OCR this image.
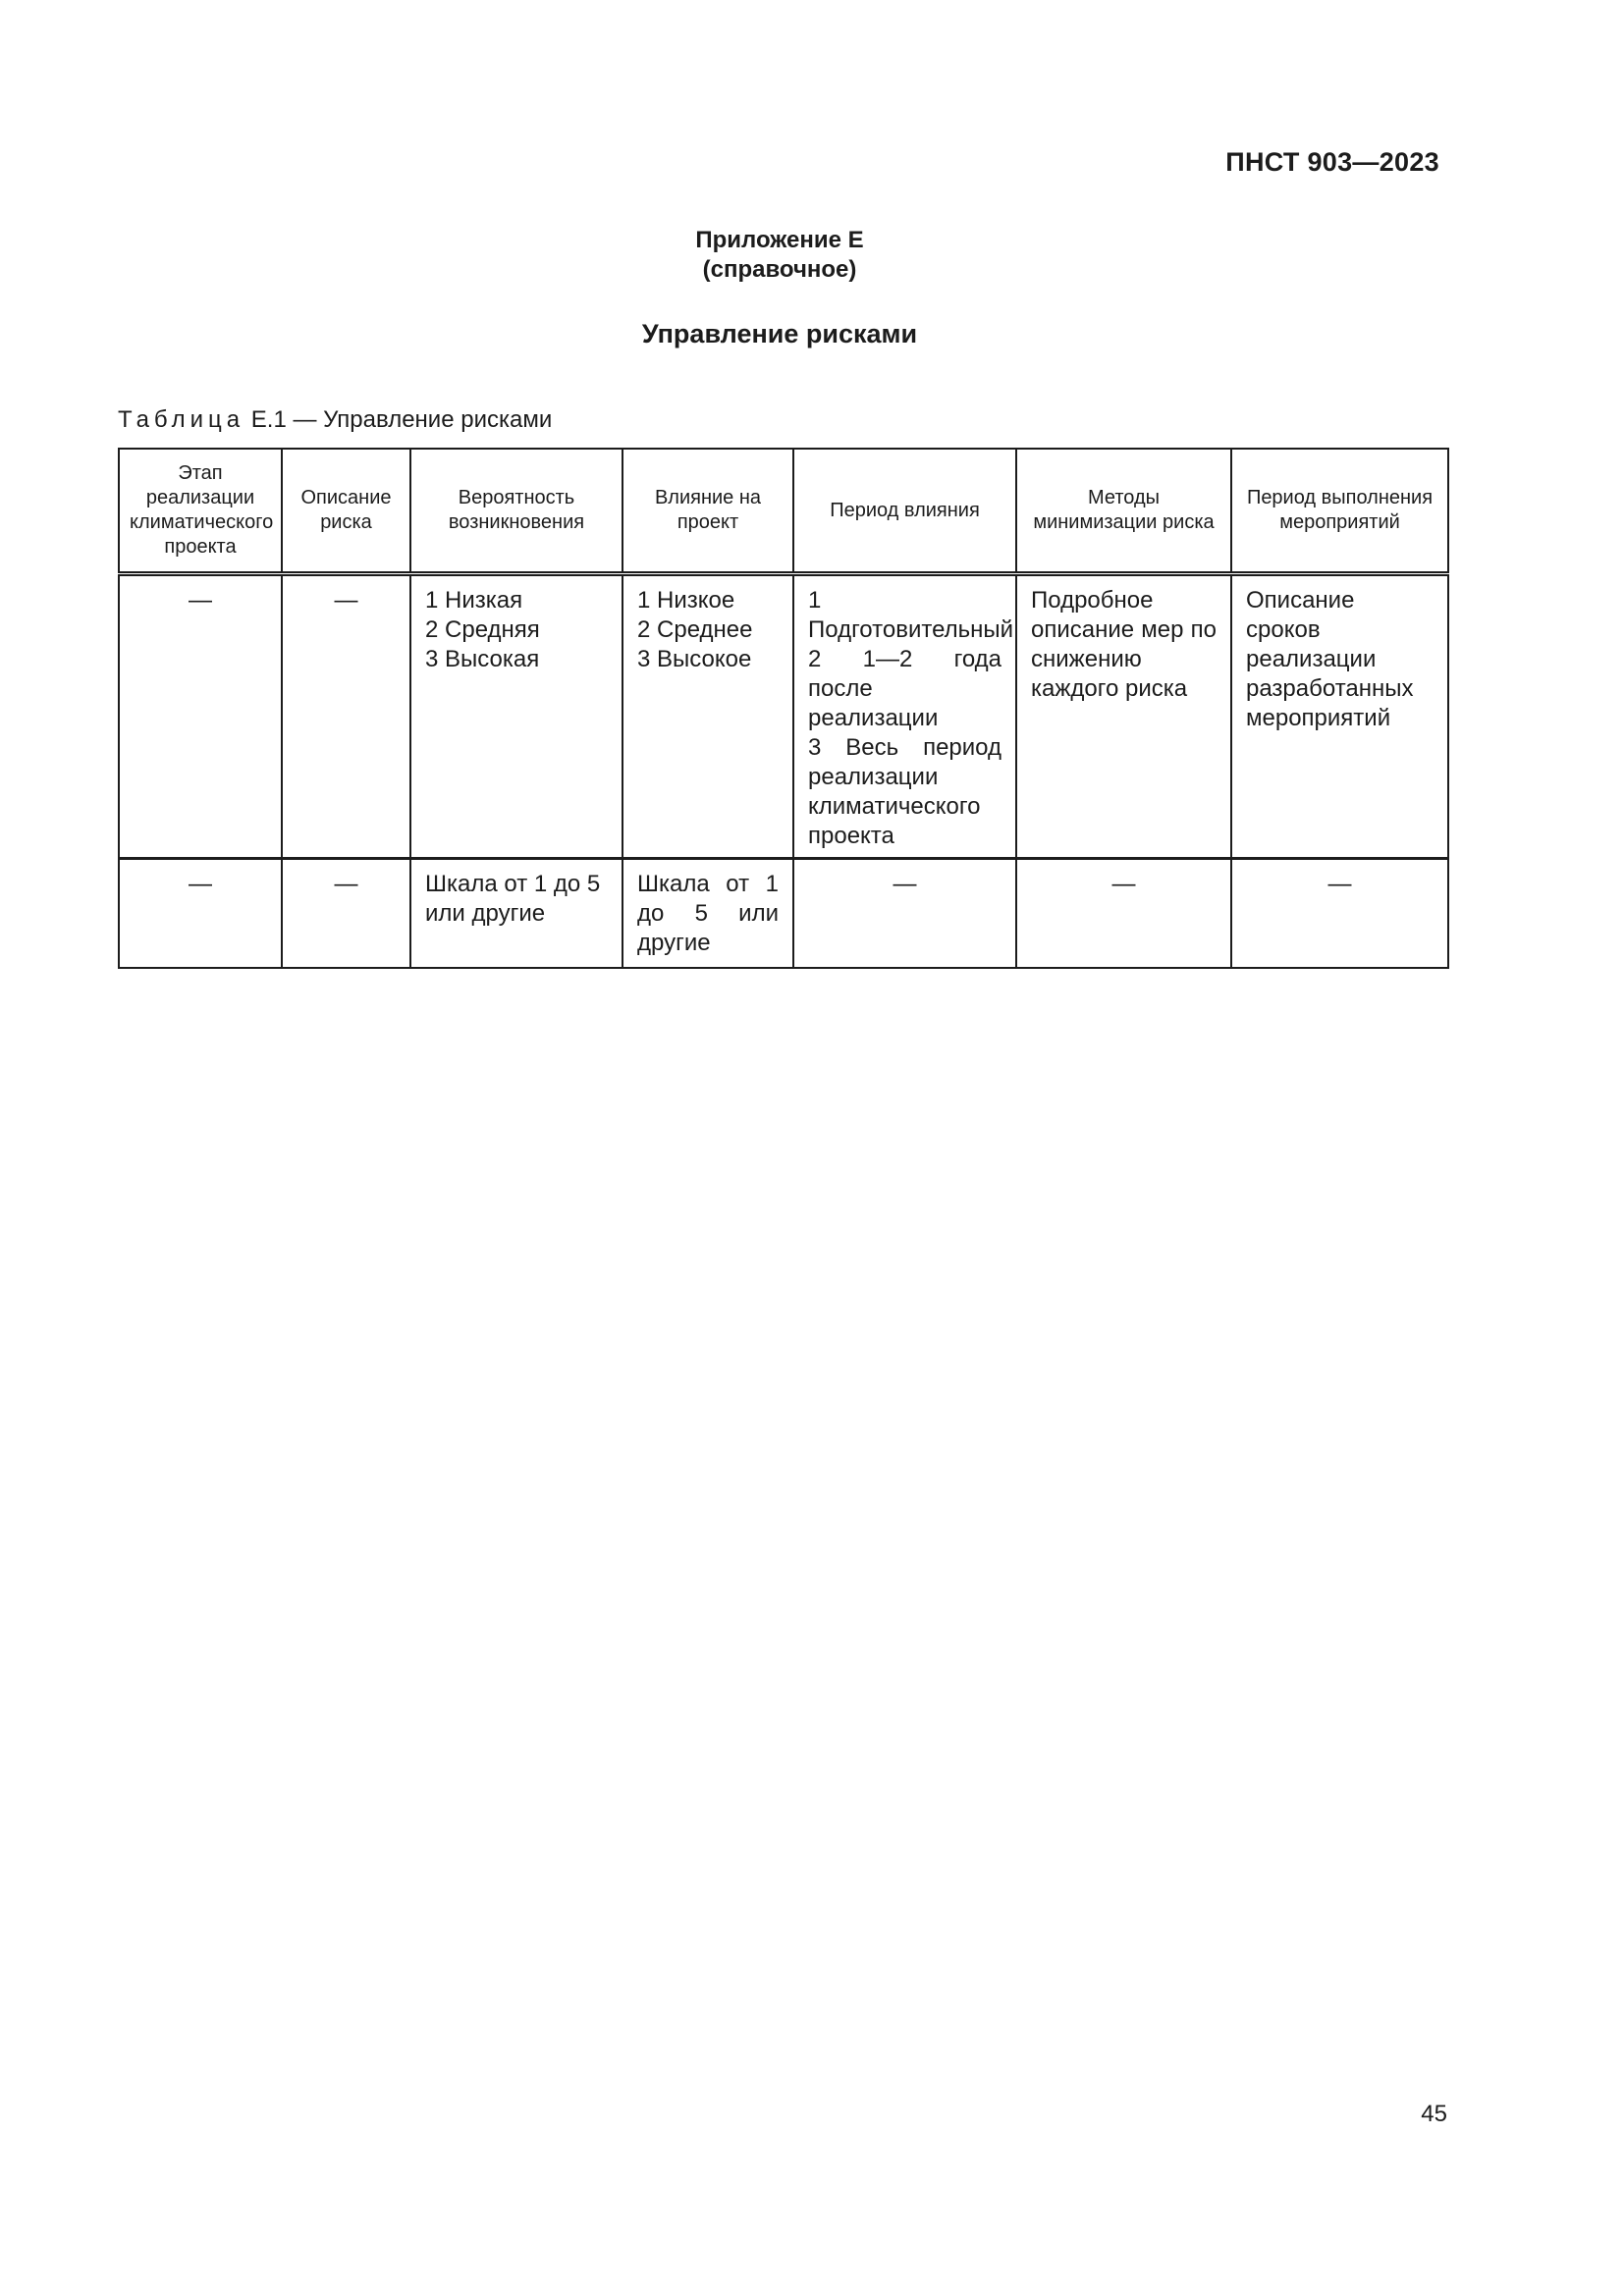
ПНСТ 903—2023
Приложение Е
(справочное)
Управление рисками
Таблица Е.1 — Управление рисками
Этап реализации климатического проекта	Описание риска	Вероятность возникновения	Влияние на проект	Период влияния	Методы минимизации риска	Период выполнения мероприятий
—	—	1 Низкая
2 Средняя
3 Высокая	1 Низкое
2 Среднее
3 Высокое	1 Подготовительный
2 1—2 года после реализации
3 Весь период реализации климатического проекта	Подробное описание мер по снижению каждого риска	Описание сроков реализации разработанных мероприятий
—	—	Шкала от 1 до 5 или другие	Шкала от 1 до 5 или другие	—	—	—
45
